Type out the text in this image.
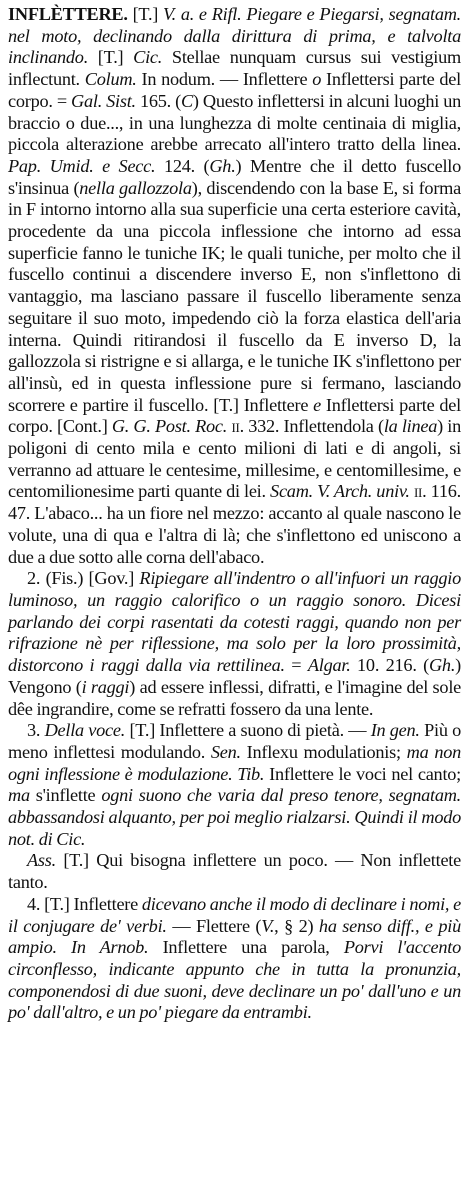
INFLÈTTERE. [T.] V. a. e Rifl. Piegare e Piegarsi, segnatam. nel moto, declinando dalla dirittura di prima, e talvolta inclinando. [T.] Cic. Stellae nunquam cursus sui vestigium inflectunt. Colum. In nodum. — Inflettere o Inflettersi parte del corpo. = Gal. Sist. 165. (C) Questo inflettersi in alcuni luoghi un braccio o due..., in una lunghezza di molte centinaia di miglia, piccola alterazione arebbe arrecato all'intero tratto della linea. Pap. Umid. e Secc. 124. (Gh.) Mentre che il detto fuscello s'insinua (nella gallozzola), discendendo con la base E, si forma in F intorno intorno alla sua superficie una certa esteriore cavità, procedente da una piccola inflessione che intorno ad essa superficie fanno le tuniche IK; le quali tuniche, per molto che il fuscello continui a discendere inverso E, non s'inflettono di vantaggio, ma lasciano passare il fuscello liberamente senza seguitare il suo moto, impedendo ciò la forza elastica dell'aria interna. Quindi ritirandosi il fuscello da E inverso D, la gallozzola si ristrigne e si allarga, e le tuniche IK s'inflettono per all'insù, ed in questa inflessione pure si fermano, lasciando scorrere e partire il fuscello. [T.] Inflettere e Inflettersi parte del corpo. [Cont.] G. G. Post. Roc. ii. 332. Inflettendola (la linea) in poligoni di cento mila e cento milioni di lati e di angoli, si verranno ad attuare le centesime, millesime, e centomillesime, e centomilionesime parti quante di lei. Scam. V. Arch. univ. ii. 116. 47. L'abaco... ha un fiore nel mezzo: accanto al quale nascono le volute, una di qua e l'altra di là; che s'inflettono ed uniscono a due a due sotto alle corna dell'abaco.

2. (Fis.) [Gov.] Ripiegare all'indentro o all'infuori un raggio luminoso, un raggio calorifico o un raggio sonoro. Dicesi parlando dei corpi rasentati da cotesti raggi, quando non per rifrazione nè per riflessione, ma solo per la loro prossimità, distorcono i raggi dalla via rettilinea. = Algar. 10. 216. (Gh.) Vengono (i raggi) ad essere inflessi, difratti, e l'imagine del sole dêe ingrandire, come se refratti fossero da una lente.

3. Della voce. [T.] Inflettere a suono di pietà. — In gen. Più o meno inflettesi modulando. Sen. Inflexu modulationis; ma non ogni inflessione è modulazione. Tib. Inflettere le voci nel canto; ma s'inflette ogni suono che varia dal preso tenore, segnatam. abbassandosi alquanto, per poi meglio rialzarsi. Quindi il modo not. di Cic.

Ass. [T.] Qui bisogna inflettere un poco. — Non inflettete tanto.

4. [T.] Inflettere dicevano anche il modo di declinare i nomi, e il conjugare de' verbi. — Flettere (V., § 2) ha senso diff., e più ampio. In Arnob. Inflettere una parola, Porvi l'accento circonflesso, indicante appunto che in tutta la pronunzia, componendosi di due suoni, deve declinare un po' dall'uno e un po' dall'altro, e un po' piegare da entrambi.
